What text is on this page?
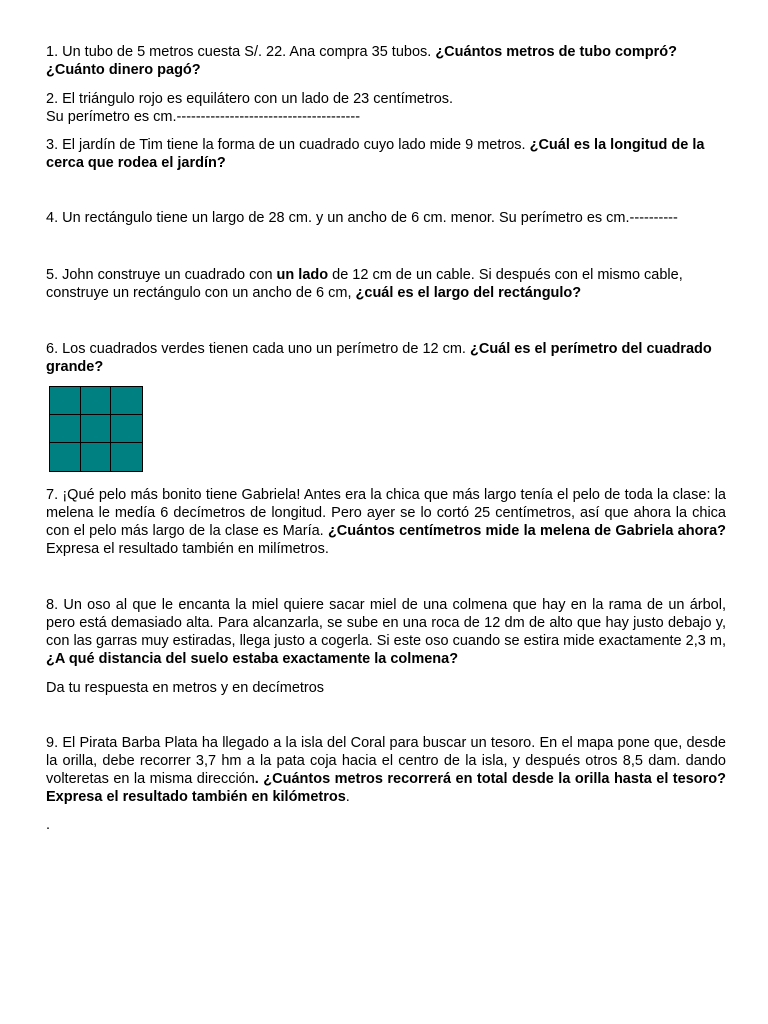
1. Un tubo de 5 metros cuesta S/. 22. Ana compra 35 tubos. ¿Cuántos metros de tubo compró? ¿Cuánto dinero pagó?

2. El triángulo rojo es equilátero con un lado de 23 centímetros.
Su perímetro es cm.--------------------------------------

3. El jardín de Tim tiene la forma de un cuadrado cuyo lado mide 9 metros. ¿Cuál es la longitud de la cerca que rodea el jardín?

4. Un rectángulo tiene un largo de 28 cm. y un ancho de 6 cm. menor. Su perímetro es cm.----------

5. John construye un cuadrado con un lado de 12 cm de un cable. Si después con el mismo cable, construye un rectángulo con un ancho de 6 cm, ¿cuál es el largo del rectángulo?

6. Los cuadrados verdes tienen cada uno un perímetro de 12 cm. ¿Cuál es el perímetro del cuadrado grande?

7. ¡Qué pelo más bonito tiene Gabriela! Antes era la chica que más largo tenía el pelo de toda la clase: la melena le medía 6 decímetros de longitud. Pero ayer se lo cortó 25 centímetros, así que ahora la chica con el pelo más largo de la clase es María. ¿Cuántos centímetros mide la melena de Gabriela ahora? Expresa el resultado también en milímetros.

8. Un oso al que le encanta la miel quiere sacar miel de una colmena que hay en la rama de un árbol, pero está demasiado alta. Para alcanzarla, se sube en una roca de 12 dm de alto que hay justo debajo y, con las garras muy estiradas, llega justo a cogerla. Si este oso cuando se estira mide exactamente 2,3 m, ¿A qué distancia del suelo estaba exactamente la colmena?

Da tu respuesta en metros y en decímetros

9. El Pirata Barba Plata ha llegado a la isla del Coral para buscar un tesoro. En el mapa pone que, desde la orilla, debe recorrer 3,7 hm a la pata coja hacia el centro de la isla, y después otros 8,5 dam. dando volteretas en la misma dirección. ¿Cuántos metros recorrerá en total desde la orilla hasta el tesoro? Expresa el resultado también en kilómetros.

.
